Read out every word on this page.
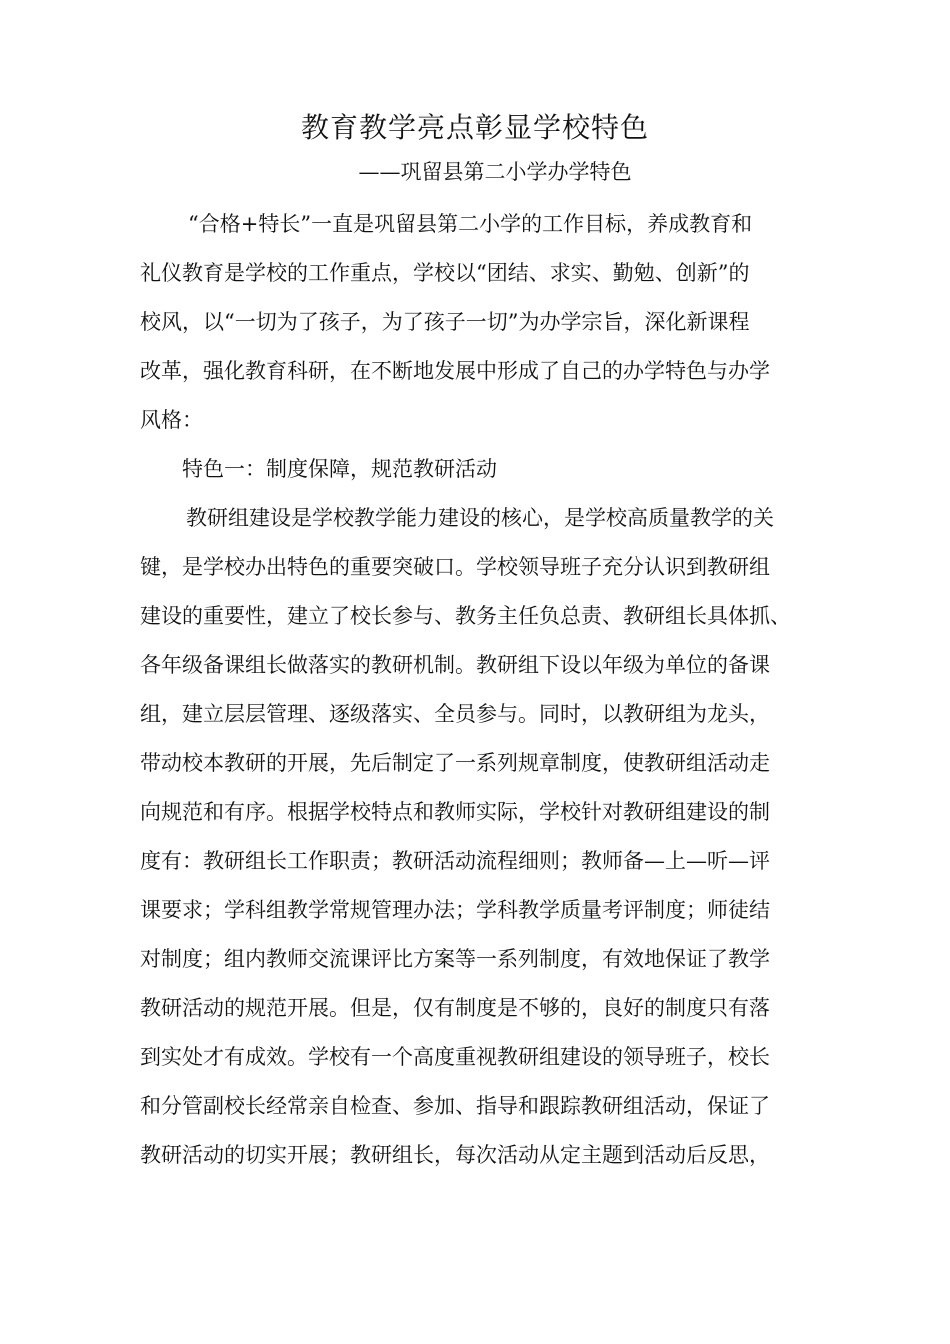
教育教学亮点彰显学校特色
——巩留县第二小学办学特色
“合格+特长”一直是巩留县第二小学的工作目标，养成教育和
礼仪教育是学校的工作重点，学校以“团结、求实、勤勉、创新”的
校风，以“一切为了孩子，为了孩子一切”为办学宗旨，深化新课程
改革，强化教育科研，在不断地发展中形成了自己的办学特色与办学
风格：
特色一：制度保障，规范教研活动
教研组建设是学校教学能力建设的核心，是学校高质量教学的关
键，是学校办出特色的重要突破口。学校领导班子充分认识到教研组
建设的重要性，建立了校长参与、教务主任负总责、教研组长具体抓、
各年级备课组长做落实的教研机制。教研组下设以年级为单位的备课
组，建立层层管理、逐级落实、全员参与。同时，以教研组为龙头，
带动校本教研的开展，先后制定了一系列规章制度，使教研组活动走
向规范和有序。根据学校特点和教师实际，学校针对教研组建设的制
度有：教研组长工作职责；教研活动流程细则；教师备—上—听—评
课要求；学科组教学常规管理办法；学科教学质量考评制度；师徒结
对制度；组内教师交流课评比方案等一系列制度，有效地保证了教学
教研活动的规范开展。但是，仅有制度是不够的，良好的制度只有落
到实处才有成效。学校有一个高度重视教研组建设的领导班子，校长
和分管副校长经常亲自检查、参加、指导和跟踪教研组活动，保证了
教研活动的切实开展；教研组长，每次活动从定主题到活动后反思，
